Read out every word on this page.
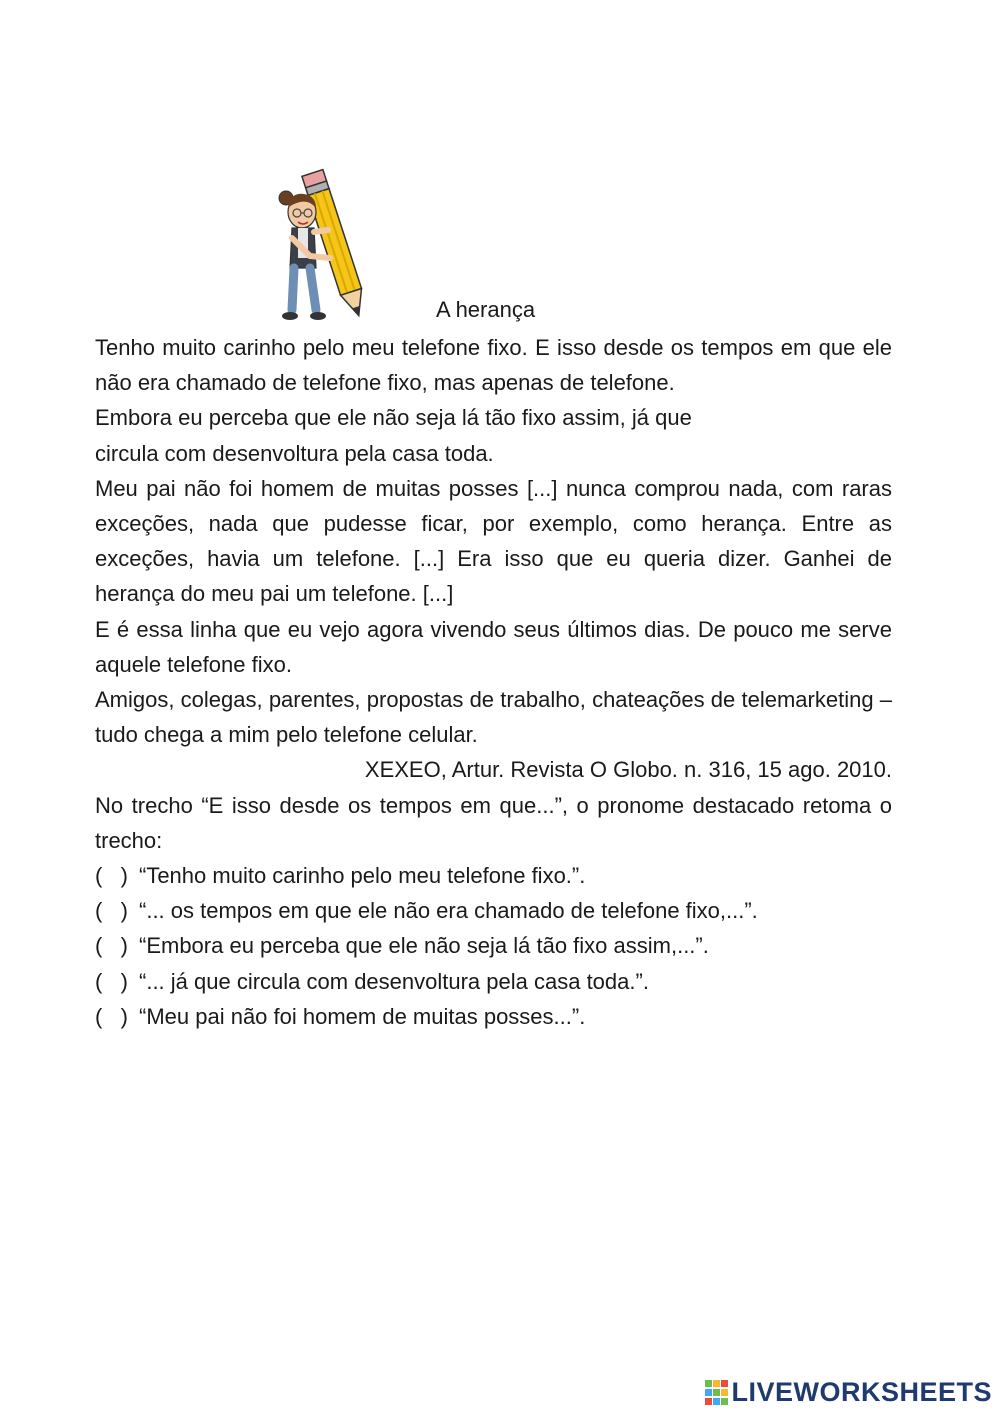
A herança

Tenho muito carinho pelo meu telefone fixo. E isso desde os tempos em que ele não era chamado de telefone fixo, mas apenas de telefone.

Embora eu perceba que ele não seja lá tão fixo assim, já que
circula com desenvoltura pela casa toda.

Meu pai não foi homem de muitas posses [...] nunca comprou nada, com raras exceções, nada que pudesse ficar, por exemplo, como herança. Entre as exceções, havia um telefone. [...] Era isso que eu queria dizer. Ganhei de herança do meu pai um telefone. [...]

E é essa linha que eu vejo agora vivendo seus últimos dias. De pouco me serve aquele telefone fixo.

Amigos, colegas, parentes, propostas de trabalho, chateações de telemarketing – tudo chega a mim pelo telefone celular.

XEXEO, Artur. Revista O Globo. n. 316, 15 ago. 2010.

No trecho “E isso desde os tempos em que...”, o pronome destacado retoma o trecho:

(   ) “Tenho muito carinho pelo meu telefone fixo.”.

(   ) “... os tempos em que ele não era chamado de telefone fixo,...”.

(   ) “Embora eu perceba que ele não seja lá tão fixo assim,...”.

(   ) “... já que circula com desenvoltura pela casa toda.”.

(   ) “Meu pai não foi homem de muitas posses...”.

LIVEWORKSHEETS
